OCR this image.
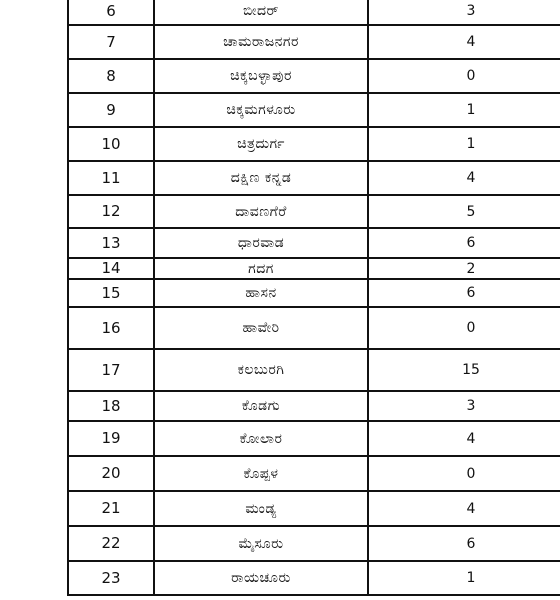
6	ಬೀದರ್	3
7	ಚಾಮರಾಜನಗರ	4
8	ಚಿಕ್ಕಬಳ್ಳಾಪುರ	0
9	ಚಿಕ್ಕಮಗಳೂರು	1
10	ಚಿತ್ರದುರ್ಗ	1
11	ದಕ್ಷಿಣ ಕನ್ನಡ	4
12	ದಾವಣಗೆರೆ	5
13	ಧಾರವಾಡ	6
14	ಗದಗ	2
15	ಹಾಸನ	6
16	ಹಾವೇರಿ	0
17	ಕಲಬುರಗಿ	15
18	ಕೊಡಗು	3
19	ಕೋಲಾರ	4
20	ಕೊಪ್ಪಳ	0
21	ಮಂಡ್ಯ	4
22	ಮೈಸೂರು	6
23	ರಾಯಚೂರು	1
